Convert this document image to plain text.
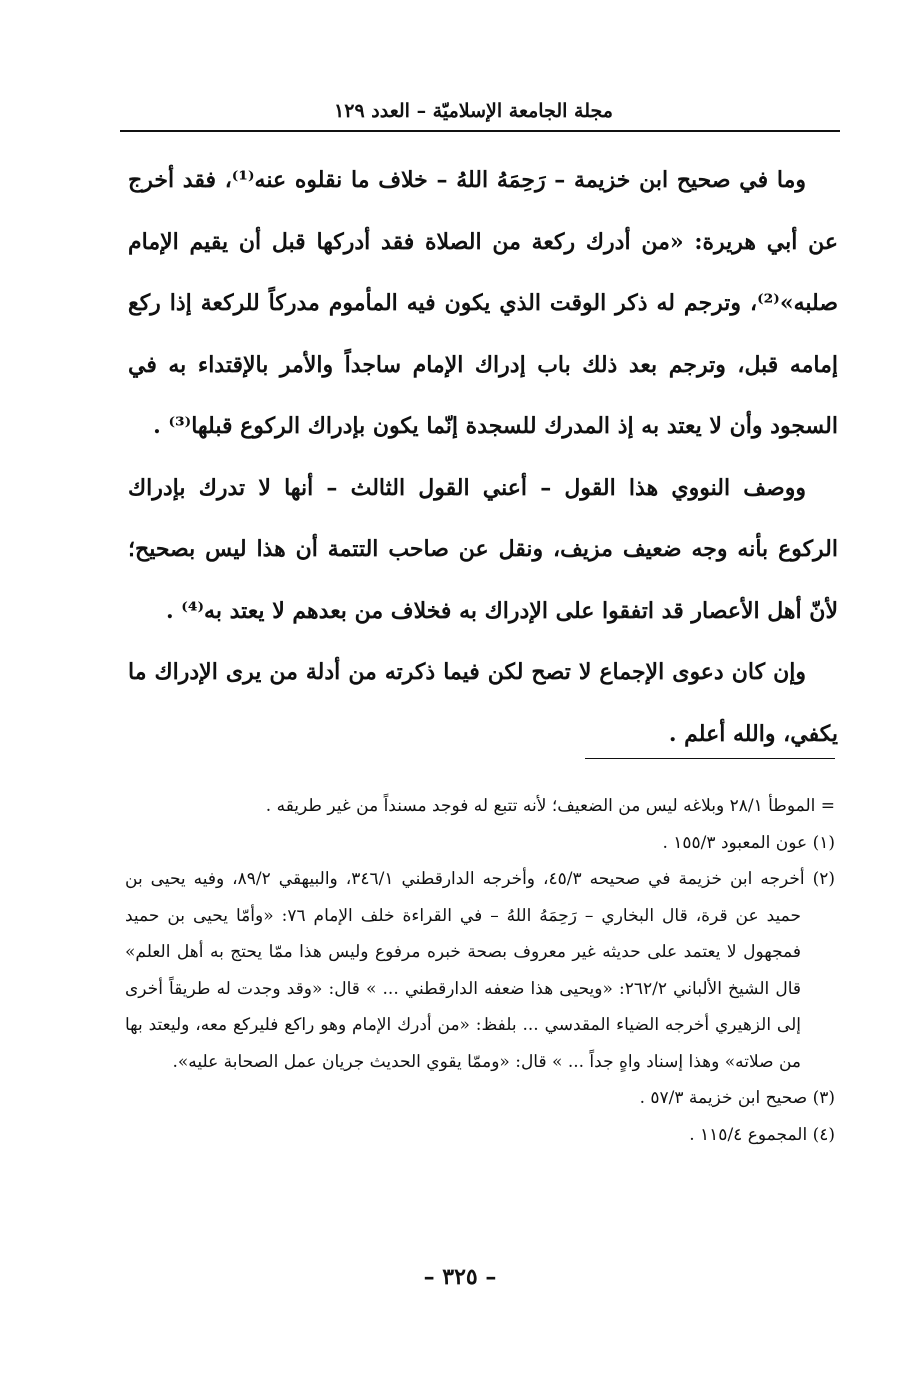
مجلة الجامعة الإسلاميّة – العدد ١٢٩

وما في صحيح ابن خزيمة – رَحِمَهُ اللهُ – خلاف ما نقلوه عنه⁽¹⁾، فقد أخرج عن أبي هريرة: «من أدرك ركعة من الصلاة فقد أدركها قبل أن يقيم الإمام صلبه»⁽²⁾، وترجم له ذكر الوقت الذي يكون فيه المأموم مدركاً للركعة إذا ركع إمامه قبل، وترجم بعد ذلك باب إدراك الإمام ساجداً والأمر بالإقتداء به في السجود وأن لا يعتد به إذ المدرك للسجدة إنّما يكون بإدراك الركوع قبلها⁽³⁾ .

ووصف النووي هذا القول – أعني القول الثالث – أنها لا تدرك بإدراك الركوع بأنه وجه ضعيف مزيف، ونقل عن صاحب التتمة أن هذا ليس بصحيح؛ لأنّ أهل الأعصار قد اتفقوا على الإدراك به فخلاف من بعدهم لا يعتد به⁽⁴⁾ .

وإن كان دعوى الإجماع لا تصح لكن فيما ذكرته من أدلة من يرى الإدراك ما يكفي، والله أعلم .

= الموطأ ٢٨/١ وبلاغه ليس من الضعيف؛ لأنه تتبع له فوجد مسنداً من غير طريقه .

(١) عون المعبود ١٥٥/٣ .

(٢) أخرجه ابن خزيمة في صحيحه ٤٥/٣، وأخرجه الدارقطني ٣٤٦/١، والبيهقي ٨٩/٢، وفيه يحيى بن حميد عن قرة، قال البخاري – رَحِمَهُ اللهُ – في القراءة خلف الإمام ٧٦: «وأمّا يحيى بن حميد فمجهول لا يعتمد على حديثه غير معروف بصحة خبره مرفوع وليس هذا ممّا يحتج به أهل العلم» قال الشيخ الألباني ٢٦٢/٢: «ويحيى هذا ضعفه الدارقطني ... » قال: «وقد وجدت له طريقاً أخرى إلى الزهيري أخرجه الضياء المقدسي ... بلفظ: «من أدرك الإمام وهو راكع فليركع معه، وليعتد بها من صلاته» وهذا إسناد واهٍ جداً ... » قال: «وممّا يقوي الحديث جريان عمل الصحابة عليه».

(٣) صحيح ابن خزيمة ٥٧/٣ .

(٤) المجموع ١١٥/٤ .

– ٣٢٥ –
